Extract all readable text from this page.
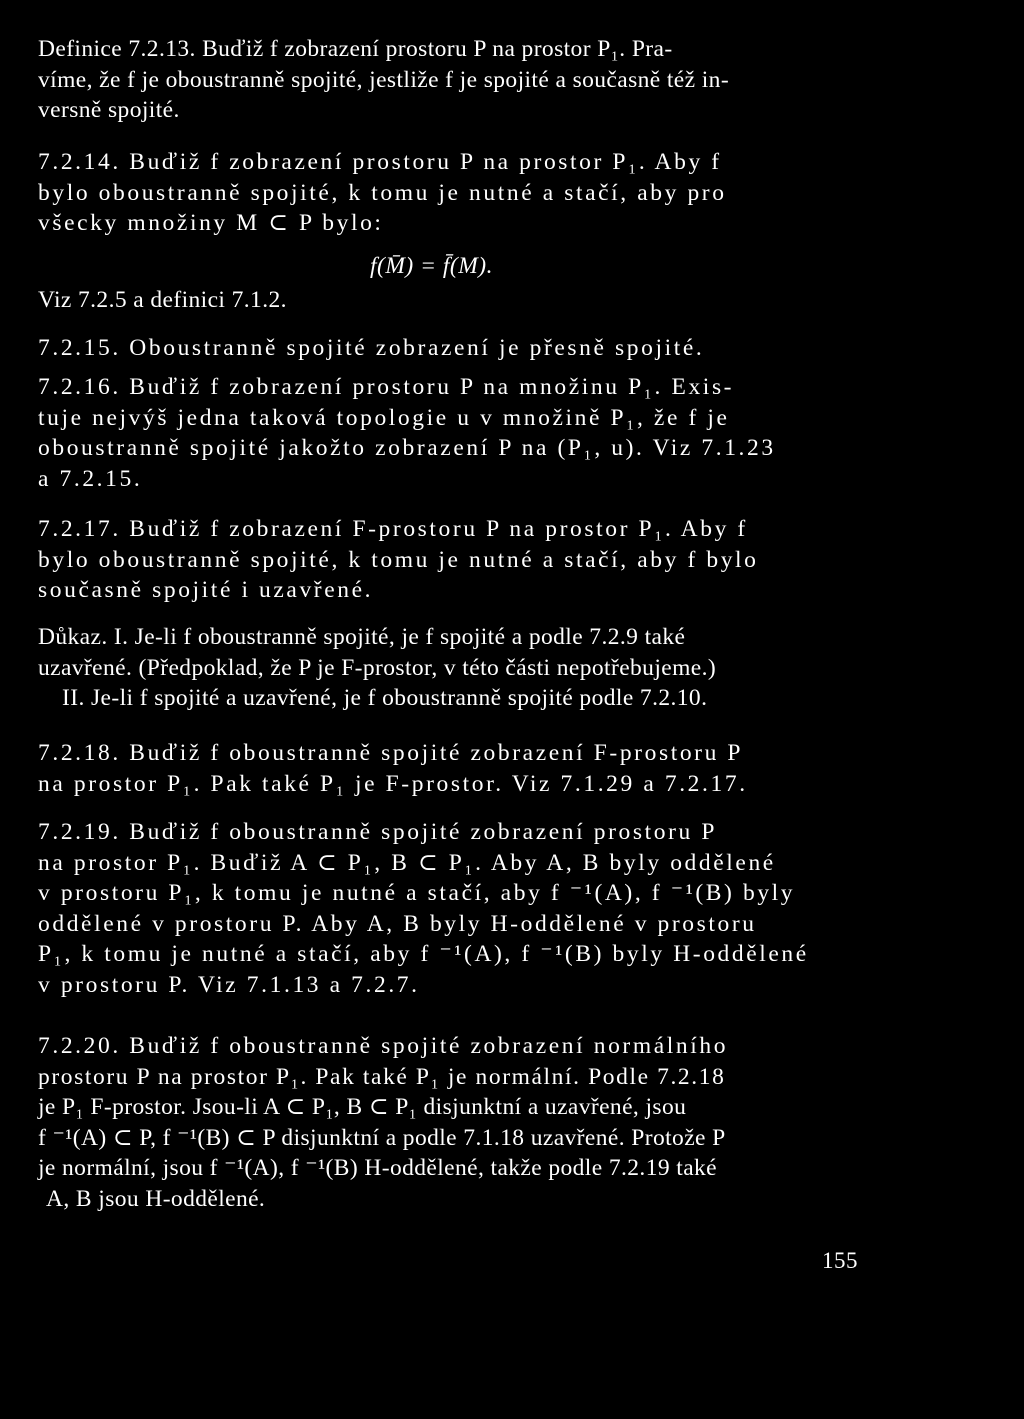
Definice 7.2.13. Buďiž f zobrazení prostoru P na prostor P₁. Pra-
víme, že f je oboustranně spojité, jestliže f je spojité a současně též in-
versně spojité.
7.2.14. Buďiž f zobrazení prostoru P na prostor P₁. Aby f
bylo oboustranně spojité, k tomu je nutné a stačí, aby pro
všecky množiny M ⊂ P bylo:

f(M̄) = f̄(M).

Viz 7.2.5 a definici 7.1.2.
7.2.15. Oboustranně spojité zobrazení je přesně spojité.
7.2.16. Buďiž f zobrazení prostoru P na množinu P₁. Exis-
tuje nejvýš jedna taková topologie u v množině P₁, že f je
oboustranně spojité jakožto zobrazení P na (P₁, u). Viz 7.1.23
a 7.2.15.
7.2.17. Buďiž f zobrazení F-prostoru P na prostor P₁. Aby f
bylo oboustranně spojité, k tomu je nutné a stačí, aby f bylo
současně spojité i uzavřené.
Důkaz. I. Je-li f oboustranně spojité, je f spojité a podle 7.2.9 také
uzavřené. (Předpoklad, že P je F-prostor, v této části nepotřebujeme.)
II. Je-li f spojité a uzavřené, je f oboustranně spojité podle 7.2.10.
7.2.18. Buďiž f oboustranně spojité zobrazení F-prostoru P
na prostor P₁. Pak také P₁ je F-prostor. Viz 7.1.29 a 7.2.17.
7.2.19. Buďiž f oboustranně spojité zobrazení prostoru P
na prostor P₁. Buďiž A ⊂ P₁, B ⊂ P₁. Aby A, B byly oddělené
v prostoru P₁, k tomu je nutné a stačí, aby f ⁻¹(A), f ⁻¹(B) byly
oddělené v prostoru P. Aby A, B byly H-oddělené v prostoru
P₁, k tomu je nutné a stačí, aby f ⁻¹(A), f ⁻¹(B) byly H-oddělené
v prostoru P. Viz 7.1.13 a 7.2.7.
7.2.20. Buďiž f oboustranně spojité zobrazení normálního
prostoru P na prostor P₁. Pak také P₁ je normální. Podle 7.2.18
je P₁ F-prostor. Jsou-li A ⊂ P₁, B ⊂ P₁ disjunktní a uzavřené, jsou
f ⁻¹(A) ⊂ P, f ⁻¹(B) ⊂ P disjunktní a podle 7.1.18 uzavřené. Protože P
je normální, jsou f ⁻¹(A), f ⁻¹(B) H-oddělené, takže podle 7.2.19 také
A, B jsou H-oddělené.

155
